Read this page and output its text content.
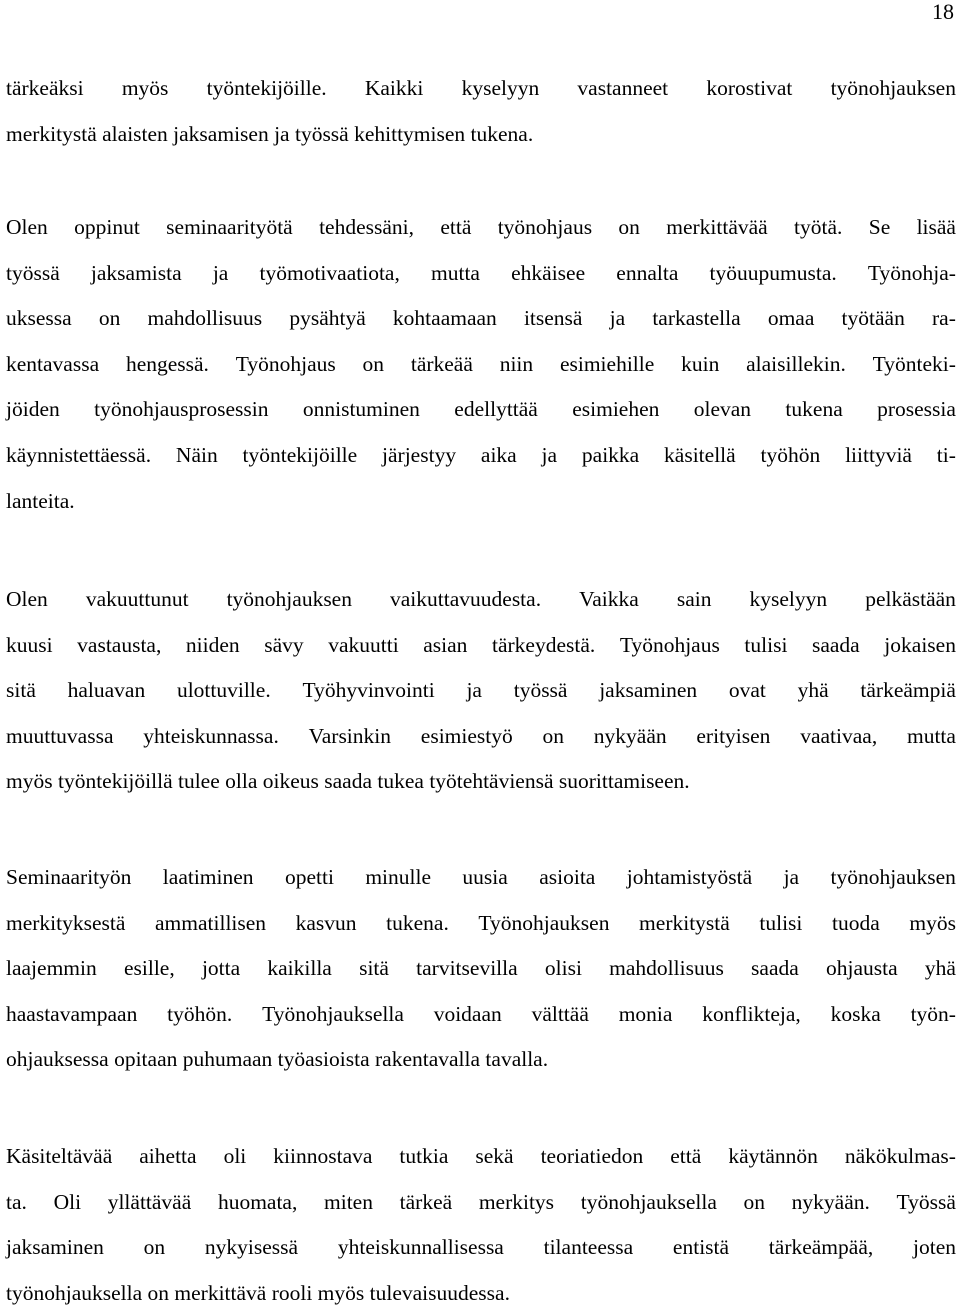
18
tärkeäksi myös työntekijöille. Kaikki kyselyyn vastanneet korostivat työnohjauksen
merkitystä alaisten jaksamisen ja työssä kehittymisen tukena.
Olen oppinut seminaarityötä tehdessäni, että työnohjaus on merkittävää työtä. Se lisää
työssä jaksamista ja työmotivaatiota, mutta ehkäisee ennalta työuupumusta. Työnohja-
uksessa on mahdollisuus pysähtyä kohtaamaan itsensä ja tarkastella omaa työtään ra-
kentavassa hengessä. Työnohjaus on tärkeää niin esimiehille kuin alaisillekin. Työnteki-
jöiden työnohjausprosessin onnistuminen edellyttää esimiehen olevan tukena prosessia
käynnistettäessä. Näin työntekijöille järjestyy aika ja paikka käsitellä työhön liittyviä ti-
lanteita.
Olen vakuuttunut työnohjauksen vaikuttavuudesta. Vaikka sain kyselyyn pelkästään
kuusi vastausta, niiden sävy vakuutti asian tärkeydestä. Työnohjaus tulisi saada jokaisen
sitä haluavan ulottuville. Työhyvinvointi ja työssä jaksaminen ovat yhä tärkeämpiä
muuttuvassa yhteiskunnassa. Varsinkin esimiestyö on nykyään erityisen vaativaa, mutta
myös työntekijöillä tulee olla oikeus saada tukea työtehtäviensä suorittamiseen.
Seminaarityön laatiminen opetti minulle uusia asioita johtamistyöstä ja työnohjauksen
merkityksestä ammatillisen kasvun tukena. Työnohjauksen merkitystä tulisi tuoda myös
laajemmin esille, jotta kaikilla sitä tarvitsevilla olisi mahdollisuus saada ohjausta yhä
haastavampaan työhön. Työnohjauksella voidaan välttää monia konflikteja, koska työn-
ohjauksessa opitaan puhumaan työasioista rakentavalla tavalla.
Käsiteltävää aihetta oli kiinnostava tutkia sekä teoriatiedon että käytännön näkökulmas-
ta. Oli yllättävää huomata, miten tärkeä merkitys työnohjauksella on nykyään. Työssä
jaksaminen on nykyisessä yhteiskunnallisessa tilanteessa entistä tärkeämpää, joten
työnohjauksella on merkittävä rooli myös tulevaisuudessa.
